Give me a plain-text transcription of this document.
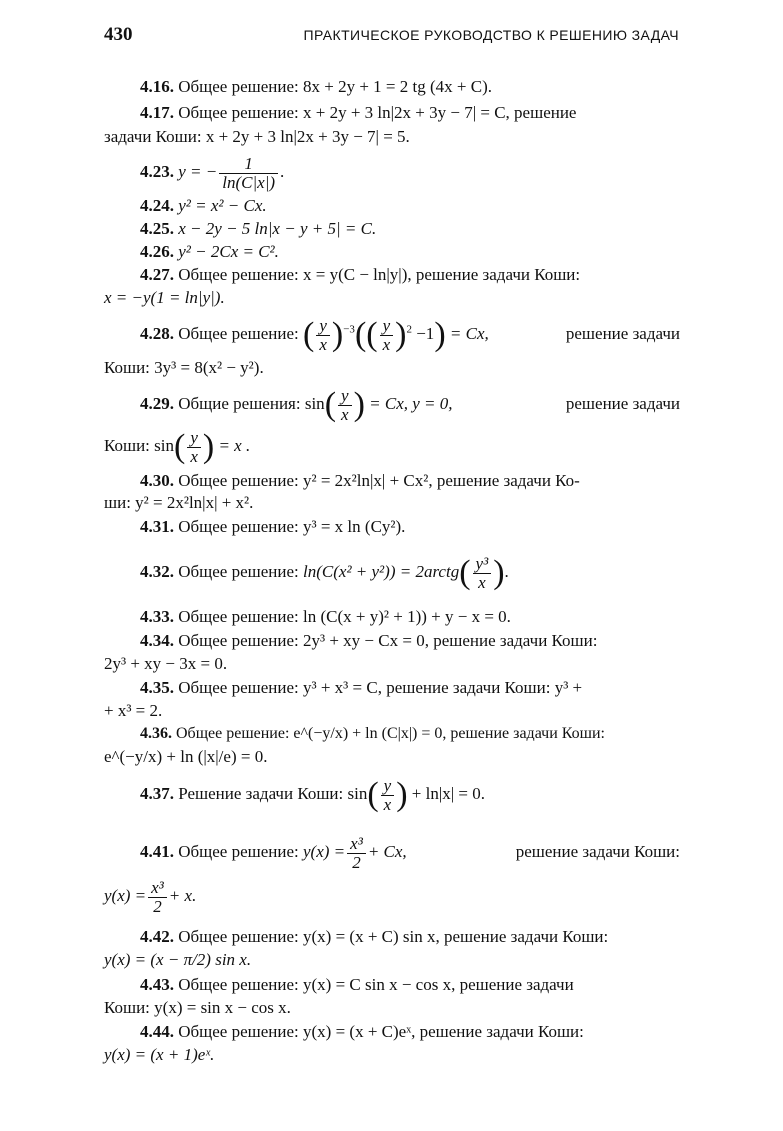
430	ПРАКТИЧЕСКОЕ РУКОВОДСТВО К РЕШЕНИЮ ЗАДАЧ
4.16. Общее решение: 8x + 2y + 1 = 2 tg (4x + C).
4.17. Общее решение: x + 2y + 3 ln|2x + 3y − 7| = C, решение
задачи Коши: x + 2y + 3 ln|2x + 3y − 7| = 5.
4.23. y = − $\frac{1}{\ln(C|x|)}$ .
4.24. y² = x² − Cx.
4.25. x − 2y − 5 ln|x − y + 5| = C.
4.26. y² − 2Cx = C².
4.27. Общее решение: x = y(C − ln|y|), решение задачи Коши:
x = −y(1 = ln|y|).
4.28. Общее решение: ( $\frac{y}{x} )^{-3}(( \frac{y}{x} )^2 -1) = Cx$,	решение задачи
Коши: 3y³ = 8(x² − y²).
4.29. Общие решения: $\sin( \frac{y}{x}$ ) = Cx, y = 0,	решение задачи
Коши: $\sin( \frac{y}{x}$ ) = x .
4.30. Общее решение: y² = 2x²ln|x| + Cx², решение задачи Ко-
ши: y² = 2x²ln|x| + x².
4.31. Общее решение: y³ = x ln (Cy²).
4.32. Общее решение: ln(C(x² + y²)) = 2arctg( $\frac{\text{y³}}{x}$ ).
4.33. Общее решение: ln (C(x + y)² + 1)) + y − x = 0.
4.34. Общее решение: 2y³ + xy − Cx = 0, решение задачи Коши:
2y³ + xy − 3x = 0.
4.35. Общее решение: y³ + x³ = C, решение задачи Коши: y³ +
+ x³ = 2.
4.36. Общее решение: e^(−y/x) + ln (C|x|) = 0, решение задачи Коши:
e^(−y/x) + ln (|x|/e) = 0.
4.37. Решение задачи Коши: $\sin( \frac{y}{x}$ ) + ln|x| = 0.
4.41. Общее решение: $y(x) = \frac{\text{x³}}{2} + Cx$,	решение задачи Коши:
$y(x) = \frac{\text{x³}}{2} + x$.
4.42. Общее решение: y(x) = (x + C) sin x, решение задачи Коши:
y(x) = (x − π/2) sin x.
4.43. Общее решение: y(x) = C sin x − cos x, решение задачи
Коши: y(x) = sin x − cos x.
4.44. Общее решение: y(x) = (x + C)eˣ, решение задачи Коши:
y(x) = (x + 1)eˣ.
